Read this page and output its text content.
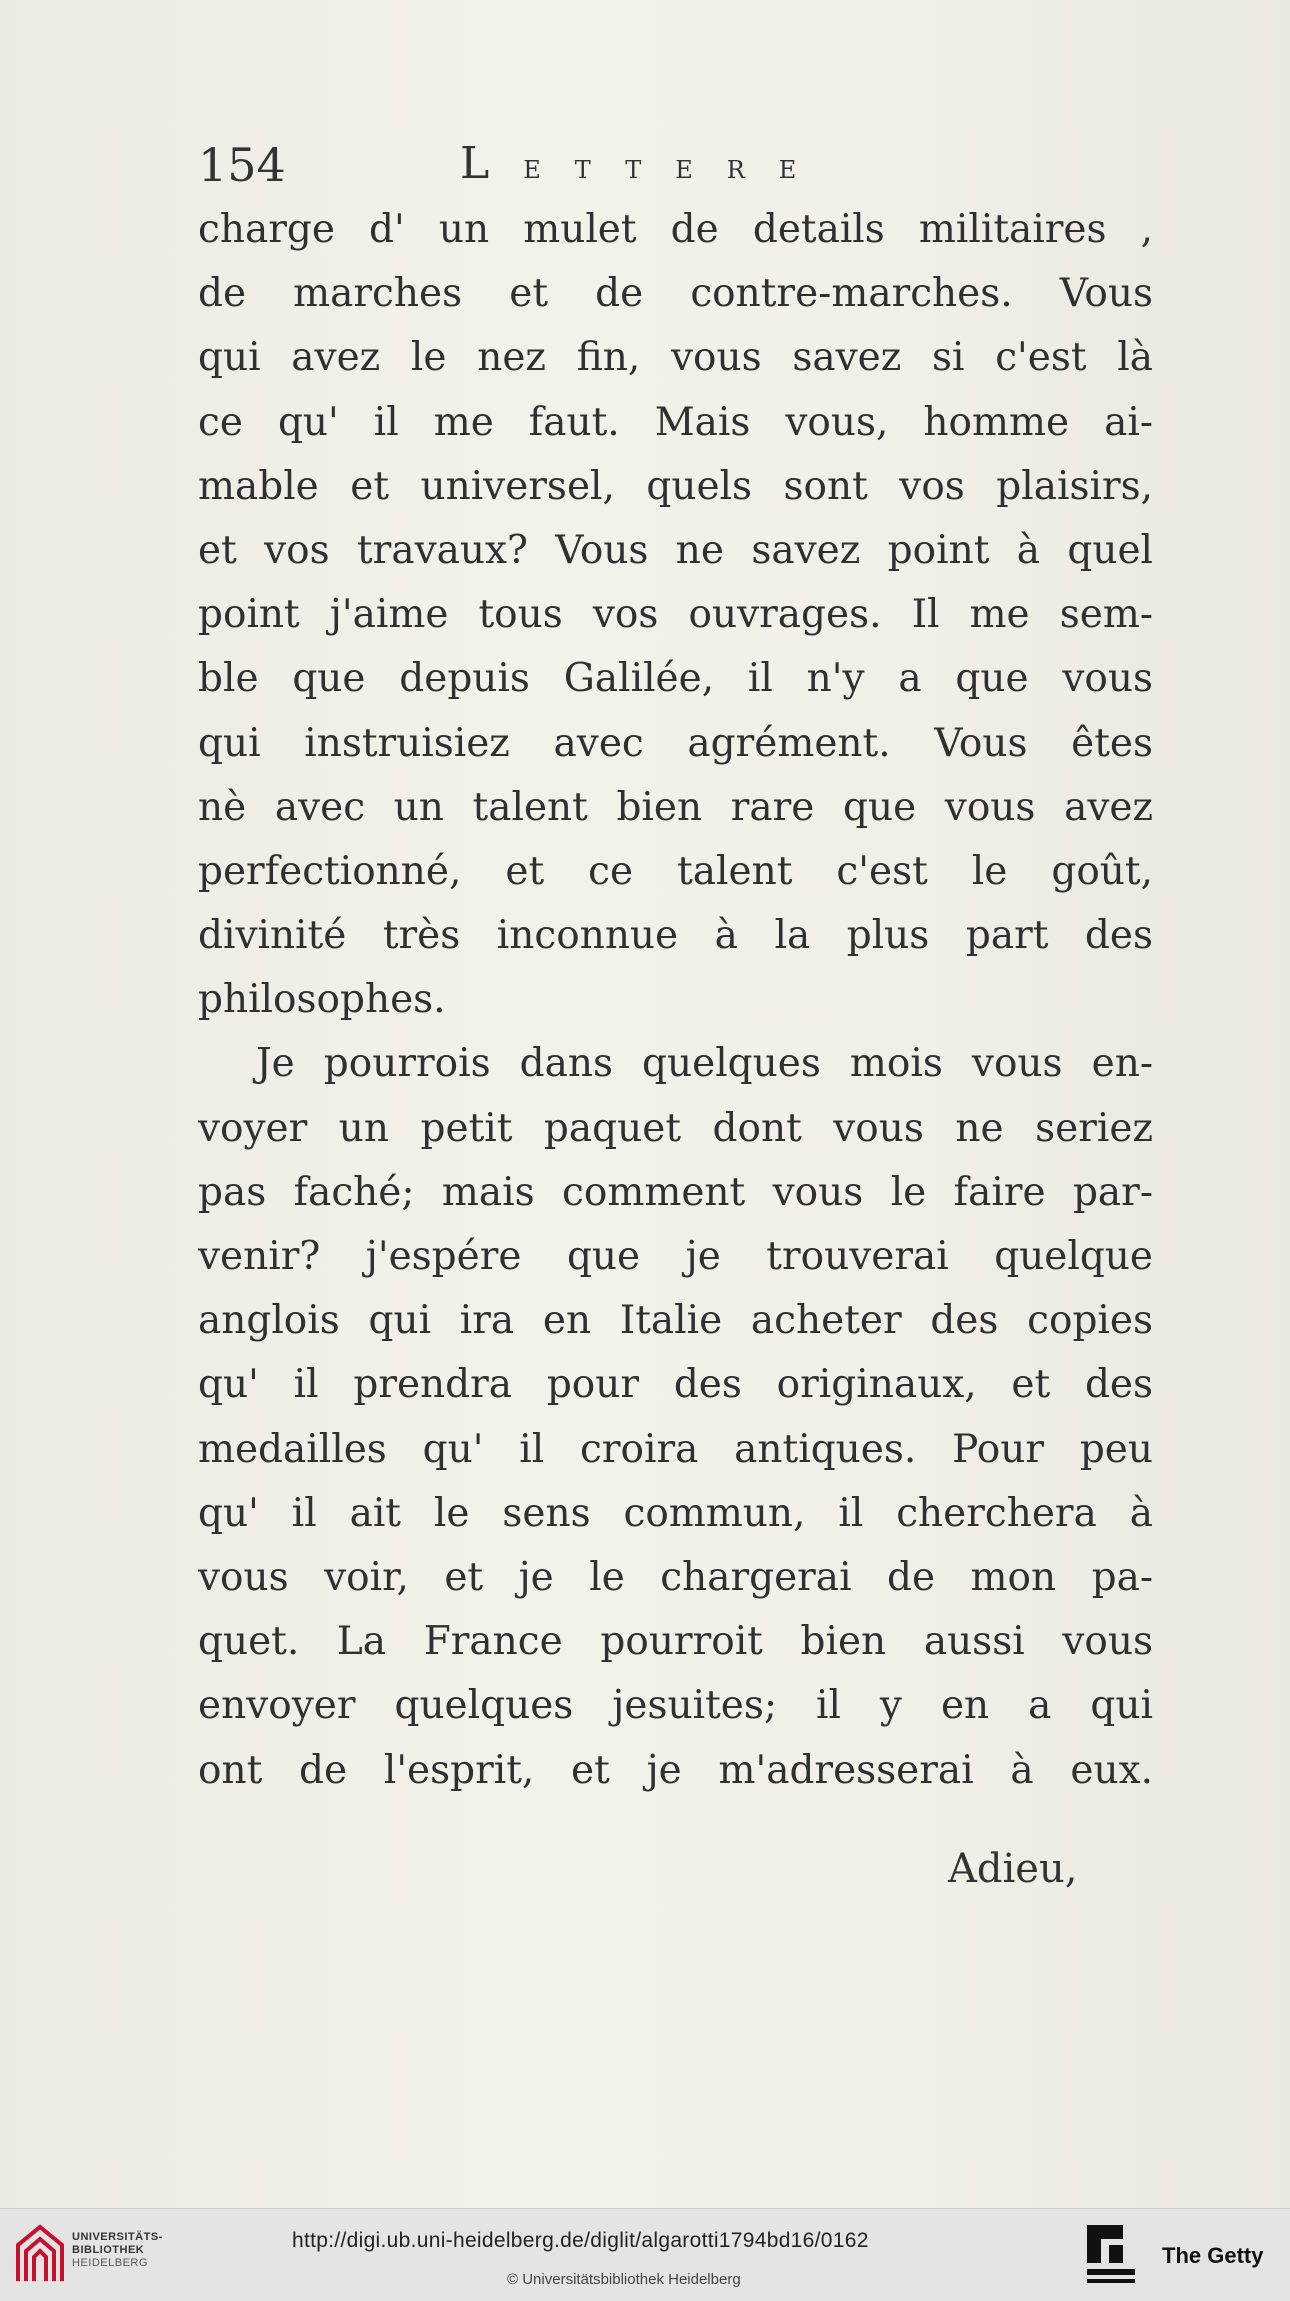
154	LETTERE
charge d' un mulet de details militaires ,
de marches et de contre-marches. Vous
qui avez le nez fin, vous savez si c'est là
ce qu' il me faut. Mais vous, homme ai-
mable et universel, quels sont vos plaisirs,
et vos travaux? Vous ne savez point à quel
point j'aime tous vos ouvrages. Il me sem-
ble que depuis Galilée, il n'y a que vous
qui instruisiez avec agrément. Vous êtes
nè avec un talent bien rare que vous avez
perfectionné, et ce talent c'est le goût,
divinité très inconnue à la plus part des
philosophes.
Je pourrois dans quelques mois vous en-
voyer un petit paquet dont vous ne seriez
pas faché; mais comment vous le faire par-
venir? j'espére que je trouverai quelque
anglois qui ira en Italie acheter des copies
qu' il prendra pour des originaux, et des
medailles qu' il croira antiques. Pour peu
qu' il ait le sens commun, il cherchera à
vous voir, et je le chargerai de mon pa-
quet. La France pourroit bien aussi vous
envoyer quelques jesuites; il y en a qui
ont de l'esprit, et je m'adresserai à eux.
Adieu,
UNIVERSITÄTS-
BIBLIOTHEK
HEIDELBERG
http://digi.ub.uni-heidelberg.de/diglit/algarotti1794bd16/0162
© Universitätsbibliothek Heidelberg
The Getty
